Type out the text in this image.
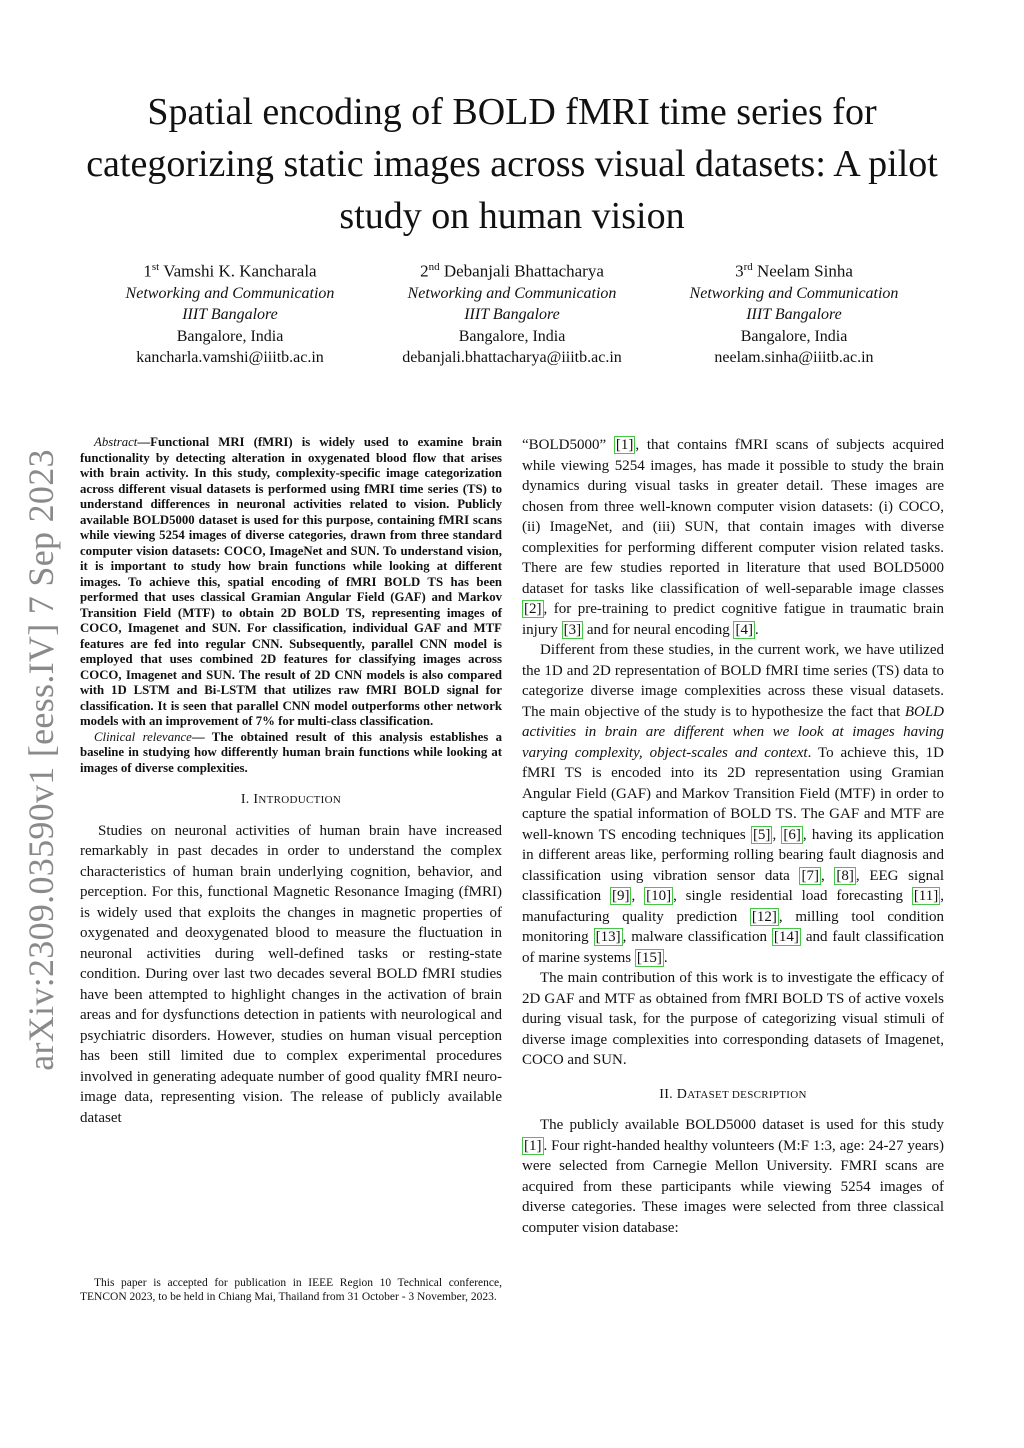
arXiv:2309.03590v1 [eess.IV] 7 Sep 2023
Spatial encoding of BOLD fMRI time series for categorizing static images across visual datasets: A pilot study on human vision
1st Vamshi K. Kancharala
Networking and Communication
IIIT Bangalore
Bangalore, India
kancharla.vamshi@iiitb.ac.in
2nd Debanjali Bhattacharya
Networking and Communication
IIIT Bangalore
Bangalore, India
debanjali.bhattacharya@iiitb.ac.in
3rd Neelam Sinha
Networking and Communication
IIIT Bangalore
Bangalore, India
neelam.sinha@iiitb.ac.in

Abstract—Functional MRI (fMRI) is widely used to examine brain functionality by detecting alteration in oxygenated blood flow that arises with brain activity. In this study, complexity-specific image categorization across different visual datasets is performed using fMRI time series (TS) to understand differences in neuronal activities related to vision. Publicly available BOLD5000 dataset is used for this purpose, containing fMRI scans while viewing 5254 images of diverse categories, drawn from three standard computer vision datasets: COCO, ImageNet and SUN. To understand vision, it is important to study how brain functions while looking at different images. To achieve this, spatial encoding of fMRI BOLD TS has been performed that uses classical Gramian Angular Field (GAF) and Markov Transition Field (MTF) to obtain 2D BOLD TS, representing images of COCO, Imagenet and SUN. For classification, individual GAF and MTF features are fed into regular CNN. Subsequently, parallel CNN model is employed that uses combined 2D features for classifying images across COCO, Imagenet and SUN. The result of 2D CNN models is also compared with 1D LSTM and Bi-LSTM that utilizes raw fMRI BOLD signal for classification. It is seen that parallel CNN model outperforms other network models with an improvement of 7% for multi-class classification.

Clinical relevance— The obtained result of this analysis establishes a baseline in studying how differently human brain functions while looking at images of diverse complexities.

I. INTRODUCTION

Studies on neuronal activities of human brain have increased remarkably in past decades in order to understand the complex characteristics of human brain underlying cognition, behavior, and perception. For this, functional Magnetic Resonance Imaging (fMRI) is widely used that exploits the changes in magnetic properties of oxygenated and deoxygenated blood to measure the fluctuation in neuronal activities during well-defined tasks or resting-state condition. During over last two decades several BOLD fMRI studies have been attempted to highlight changes in the activation of brain areas and for dysfunctions detection in patients with neurological and psychiatric disorders. However, studies on human visual perception has been still limited due to complex experimental procedures involved in generating adequate number of good quality fMRI neuro-image data, representing vision. The release of publicly available dataset

This paper is accepted for publication in IEEE Region 10 Technical conference, TENCON 2023, to be held in Chiang Mai, Thailand from 31 October - 3 November, 2023.

“BOLD5000” [1] , that contains fMRI scans of subjects acquired while viewing 5254 images, has made it possible to study the brain dynamics during visual tasks in greater detail. These images are chosen from three well-known computer vision datasets: (i) COCO, (ii) ImageNet, and (iii) SUN, that contain images with diverse complexities for performing different computer vision related tasks. There are few studies reported in literature that used BOLD5000 dataset for tasks like classification of well-separable image classes [2] , for pre-training to predict cognitive fatigue in traumatic brain injury [3] and for neural encoding [4] .

Different from these studies, in the current work, we have utilized the 1D and 2D representation of BOLD fMRI time series (TS) data to categorize diverse image complexities across these visual datasets. The main objective of the study is to hypothesize the fact that BOLD activities in brain are different when we look at images having varying complexity, object-scales and context. To achieve this, 1D fMRI TS is encoded into its 2D representation using Gramian Angular Field (GAF) and Markov Transition Field (MTF) in order to capture the spatial information of BOLD TS. The GAF and MTF are well-known TS encoding techniques [5] , [6] , having its application in different areas like, performing rolling bearing fault diagnosis and classification using vibration sensor data [7] , [8] , EEG signal classification [9] , [10] , single residential load forecasting [11] , manufacturing quality prediction [12] , milling tool condition monitoring [13] , malware classification [14] and fault classification of marine systems [15] .

The main contribution of this work is to investigate the efficacy of 2D GAF and MTF as obtained from fMRI BOLD TS of active voxels during visual task, for the purpose of categorizing visual stimuli of diverse image complexities into corresponding datasets of Imagenet, COCO and SUN.

II. DATASET DESCRIPTION

The publicly available BOLD5000 dataset is used for this study [1] . Four right-handed healthy volunteers (M:F 1:3, age: 24-27 years) were selected from Carnegie Mellon University. FMRI scans are acquired from these participants while viewing 5254 images of diverse categories. These images were selected from three classical computer vision database:
